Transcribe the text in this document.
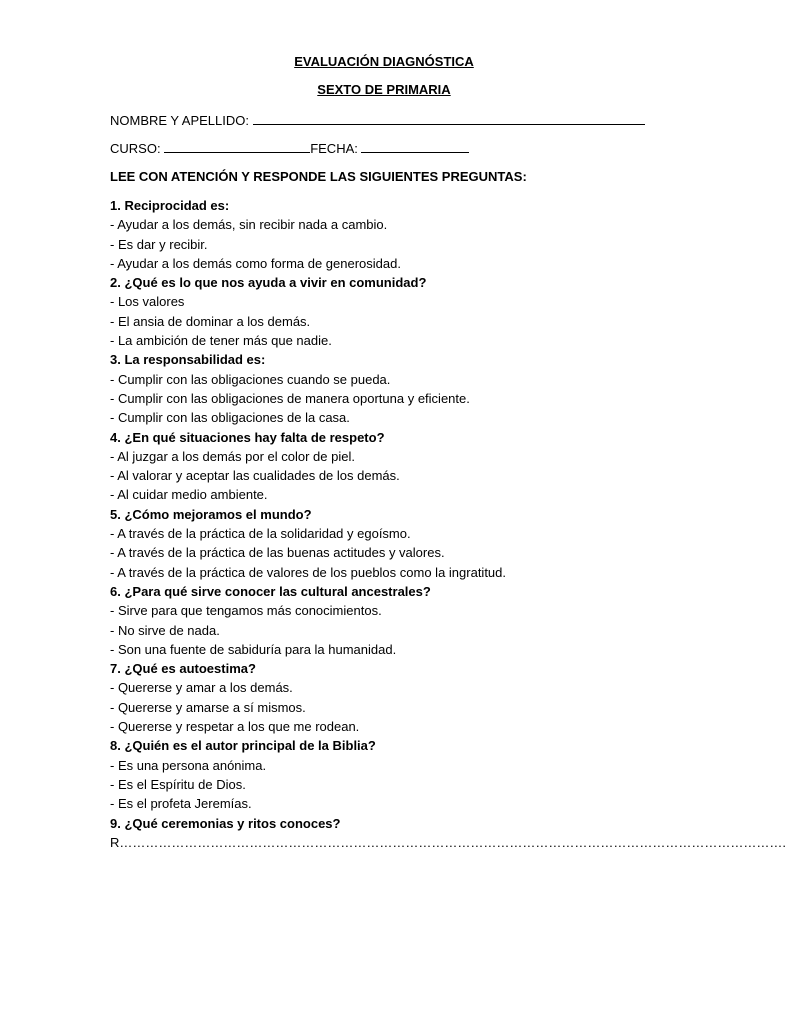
EVALUACIÓN DIAGNÓSTICA
SEXTO DE PRIMARIA
NOMBRE Y APELLIDO:
CURSO:	FECHA:
LEE CON ATENCIÓN Y RESPONDE LAS SIGUIENTES PREGUNTAS:
1. Reciprocidad es:
- Ayudar a los demás, sin recibir nada a cambio.
- Es dar y recibir.
- Ayudar a los demás como forma de generosidad.
2. ¿Qué es lo que nos ayuda a vivir en comunidad?
- Los valores
- El ansia de dominar a los demás.
- La ambición de tener más que nadie.
3. La responsabilidad es:
- Cumplir con las obligaciones cuando se pueda.
- Cumplir con las obligaciones de manera oportuna y eficiente.
- Cumplir con las obligaciones de la casa.
4. ¿En qué situaciones hay falta de respeto?
- Al juzgar a los demás por el color de piel.
- Al valorar y aceptar las cualidades de los demás.
- Al cuidar medio ambiente.
5. ¿Cómo mejoramos el mundo?
- A través de la práctica de la solidaridad y egoísmo.
- A través de la práctica de las buenas actitudes y valores.
- A través de la práctica de valores de los pueblos como la ingratitud.
6. ¿Para qué sirve conocer las cultural ancestrales?
- Sirve para que tengamos más conocimientos.
- No sirve de nada.
- Son una fuente de sabiduría para la humanidad.
7. ¿Qué es autoestima?
- Quererse y amar a los demás.
- Quererse y amarse a sí mismos.
- Quererse y respetar a los que me rodean.
8. ¿Quién es el autor principal de la Biblia?
- Es una persona anónima.
- Es el Espíritu de Dios.
- Es el profeta Jeremías.
9. ¿Qué ceremonias y ritos conoces?
R……………………………………………………………………………………………………………………………………….
